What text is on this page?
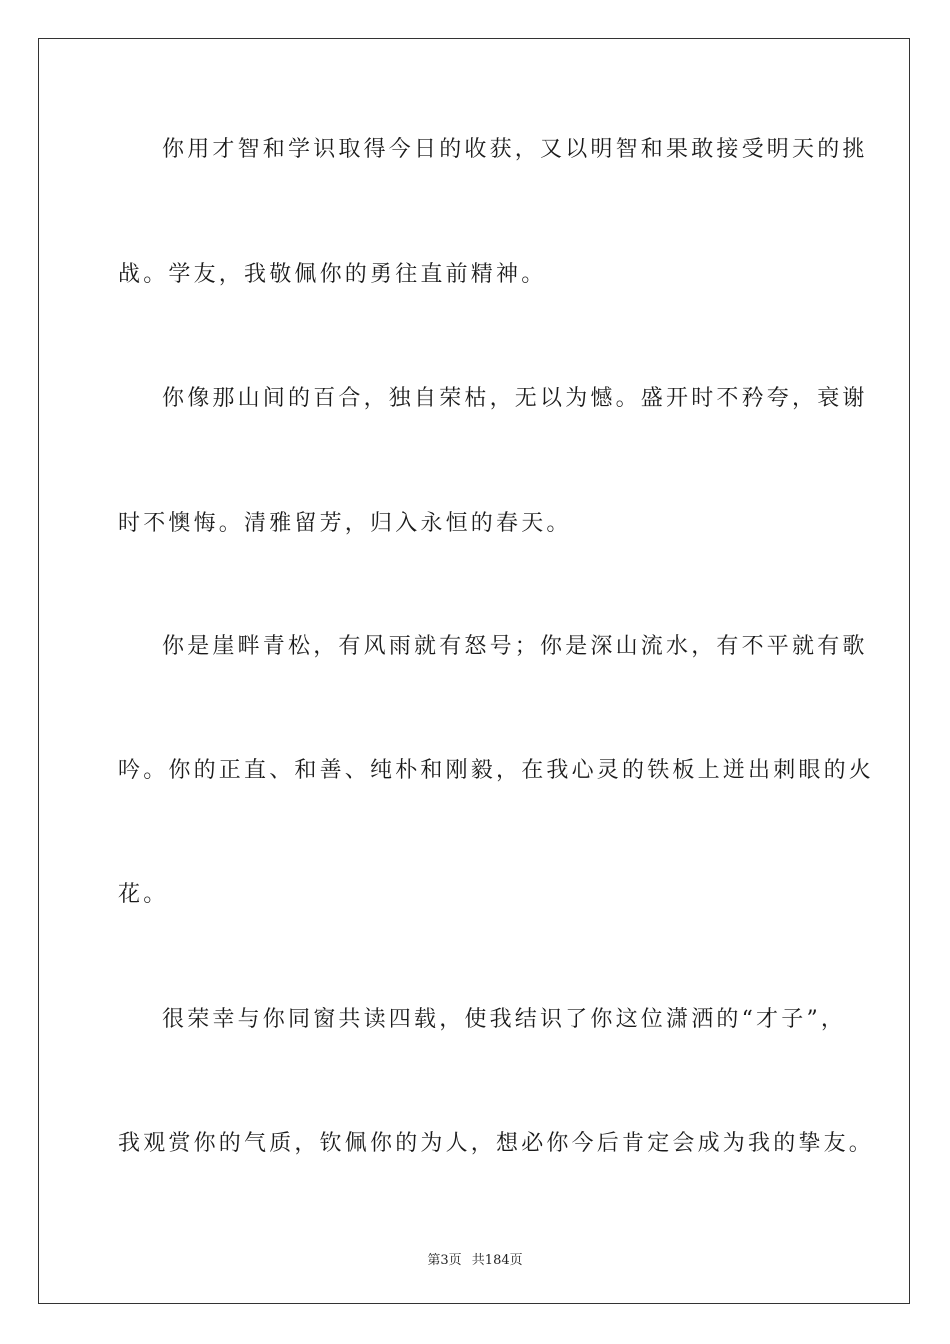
你用才智和学识取得今日的收获，又以明智和果敢接受明天的挑
战。学友，我敬佩你的勇往直前精神。
你像那山间的百合，独自荣枯，无以为憾。盛开时不矜夸，衰谢
时不懊悔。清雅留芳，归入永恒的春天。
你是崖畔青松，有风雨就有怒号；你是深山流水，有不平就有歌
吟。你的正直、和善、纯朴和刚毅，在我心灵的铁板上迸出刺眼的火
花。
很荣幸与你同窗共读四载，使我结识了你这位潇洒的“才子”，
我观赏你的气质，钦佩你的为人，想必你今后肯定会成为我的挚友。
第3页 共184页
